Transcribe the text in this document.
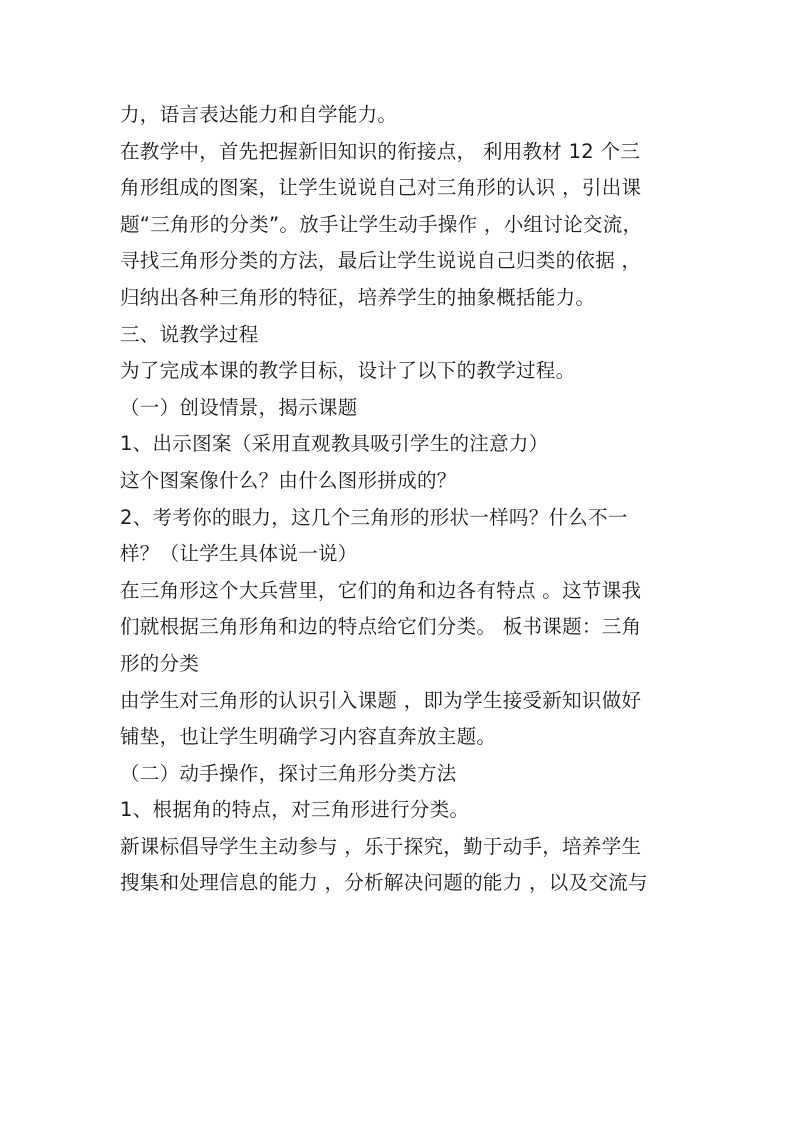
力，语言表达能力和自学能力。
在教学中，首先把握新旧知识的衔接点， 利用教材 12 个三
角形组成的图案，让学生说说自己对三角形的认识 ，引出课
题“三角形的分类”。放手让学生动手操作 ，小组讨论交流，
寻找三角形分类的方法，最后让学生说说自己归类的依据 ，
归纳出各种三角形的特征，培养学生的抽象概括能力。
三、说教学过程
为了完成本课的教学目标，设计了以下的教学过程。
（一）创设情景，揭示课题
1、出示图案（采用直观教具吸引学生的注意力）
这个图案像什么？由什么图形拼成的？
2、考考你的眼力，这几个三角形的形状一样吗？什么不一
样？（让学生具体说一说）
在三角形这个大兵营里，它们的角和边各有特点 。这节课我
们就根据三角形角和边的特点给它们分类。 板书课题：三角
形的分类
由学生对三角形的认识引入课题 ，即为学生接受新知识做好
铺垫，也让学生明确学习内容直奔放主题。
（二）动手操作，探讨三角形分类方法
1、根据角的特点，对三角形进行分类。
新课标倡导学生主动参与 ，乐于探究，勤于动手，培养学生
搜集和处理信息的能力 ，分析解决问题的能力 ，以及交流与
